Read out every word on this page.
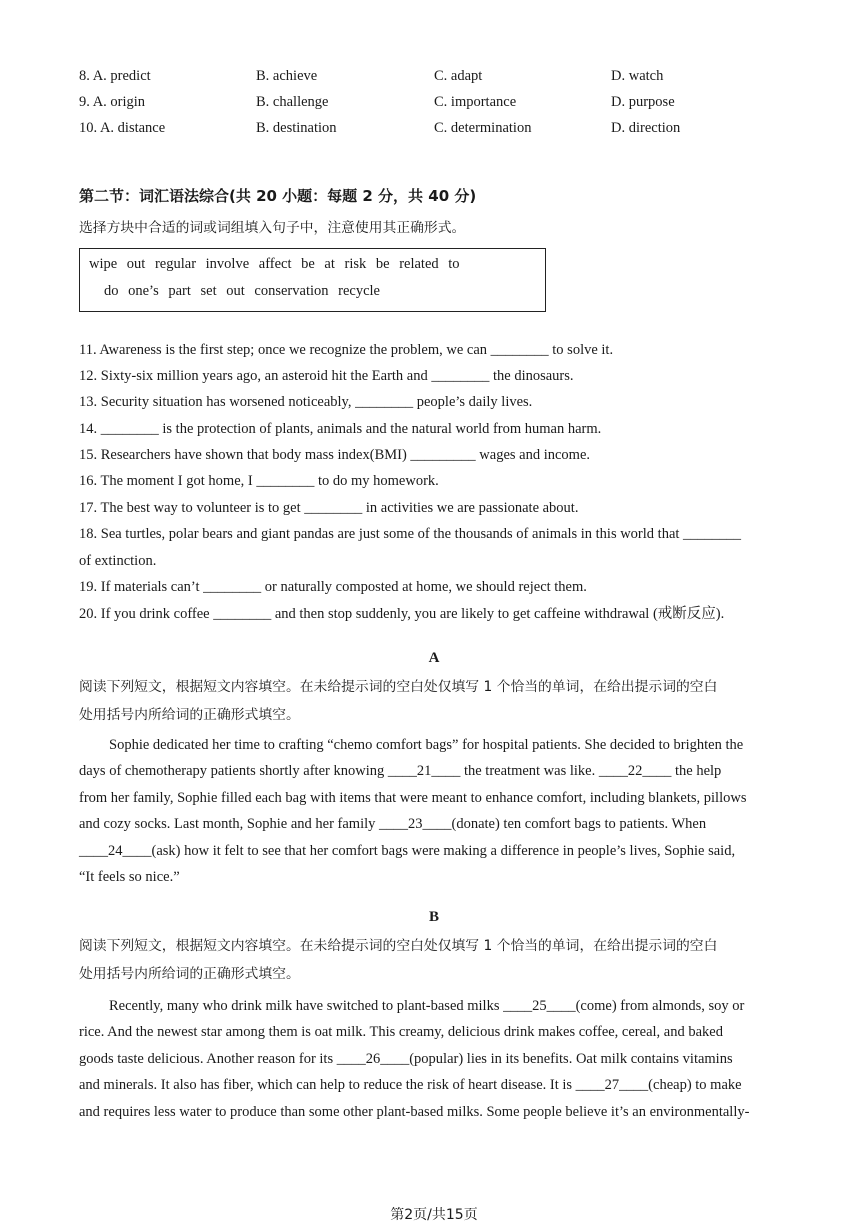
8. A. predict	B. achieve	C. adapt	D. watch
9. A. origin	B. challenge	C. importance	D. purpose
10. A. distance	B. destination	C. determination	D. direction
第二节：词汇语法综合(共 20 小题：每题 2 分，共 40 分)
选择方块中合适的词或词组填入句子中，注意使用其正确形式。
wipe out regular involve affect be at risk be related to
do one’s part set out conservation recycle
11. Awareness is the first step; once we recognize the problem, we can ________ to solve it.
12. Sixty-six million years ago, an asteroid hit the Earth and ________ the dinosaurs.
13. Security situation has worsened noticeably, ________ people’s daily lives.
14. ________ is the protection of plants, animals and the natural world from human harm.
15. Researchers have shown that body mass index(BMI) _________ wages and income.
16. The moment I got home, I ________ to do my homework.
17. The best way to volunteer is to get ________ in activities we are passionate about.
18. Sea turtles, polar bears and giant pandas are just some of the thousands of animals in this world that ________
of extinction.
19. If materials can’t ________ or naturally composted at home, we should reject them.
20. If you drink coffee ________ and then stop suddenly, you are likely to get caffeine withdrawal (戒断反应).
A
阅读下列短文，根据短文内容填空。在未给提示词的空白处仅填写 1 个恰当的单词，在给出提示词的空白
处用括号内所给词的正确形式填空。
Sophie dedicated her time to crafting “chemo comfort bags” for hospital patients. She decided to brighten the
days of chemotherapy patients shortly after knowing ____21____ the treatment was like. ____22____ the help
from her family, Sophie filled each bag with items that were meant to enhance comfort, including blankets, pillows
and cozy socks. Last month, Sophie and her family ____23____(donate) ten comfort bags to patients. When
____24____(ask) how it felt to see that her comfort bags were making a difference in people’s lives, Sophie said,
“It feels so nice.”
B
阅读下列短文，根据短文内容填空。在未给提示词的空白处仅填写 1 个恰当的单词，在给出提示词的空白
处用括号内所给词的正确形式填空。
Recently, many who drink milk have switched to plant-based milks ____25____(come) from almonds, soy or
rice. And the newest star among them is oat milk. This creamy, delicious drink makes coffee, cereal, and baked
goods taste delicious. Another reason for its ____26____(popular) lies in its benefits. Oat milk contains vitamins
and minerals. It also has fiber, which can help to reduce the risk of heart disease. It is ____27____(cheap) to make
and requires less water to produce than some other plant-based milks. Some people believe it’s an environmentally-
第2页/共15页
